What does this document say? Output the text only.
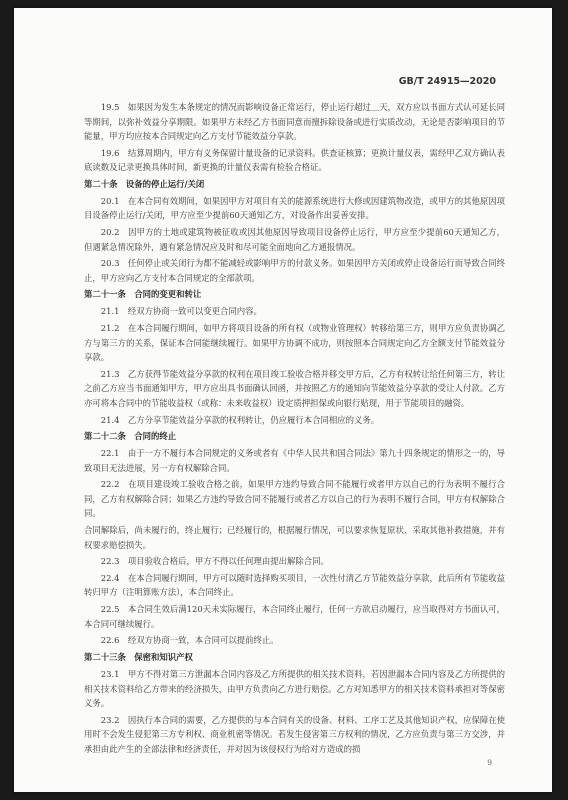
GB/T 24915—2020

19.5　如果因为发生本条规定的情况而影响设备正常运行，停止运行超过＿天，双方应以书面方式认可延长同等期间，以弥补效益分享期限。如果甲方未经乙方书面同意而擅拆除设备或进行实质改动，无论是否影响项目的节能量，甲方均应按本合同规定向乙方支付节能效益分享款。

19.6　结算周期内，甲方有义务保留计量设备的记录资料。供查证核算；更换计量仪表，需经甲乙双方确认表底读数及记录更换具体时间，新更换的计量仪表需有检验合格证。

第二十条　设备的停止运行/关闭

20.1　在本合同有效期间，如果因甲方对项目有关的能源系统进行大修或因建筑物改造，或甲方的其他原因项目设备停止运行/关闭，甲方应至少提前60天通知乙方，对设备作出妥善安排。

20.2　因甲方的土地或建筑物被征收或因其他原因导致项目设备停止运行，甲方应至少提前60天通知乙方，但遇紧急情况除外，遇有紧急情况应及时和尽可能全面地向乙方通报情况。

20.3　任何停止或关闭行为都不能减轻或影响甲方的付款义务。如果因甲方关闭或停止设备运行而导致合同终止，甲方应向乙方支付本合同规定的全部款项。

第二十一条　合同的变更和转让

21.1　经双方协商一致可以变更合同内容。

21.2　在本合同履行期间，如甲方将项目设备的所有权（或物业管理权）转移给第三方，则甲方应负责协调乙方与第三方的关系，保证本合同能继续履行。如果甲方协调不成功，则按照本合同规定向乙方全额支付节能效益分享款。

21.3　乙方获得节能效益分享款的权利在项目竣工验收合格并移交甲方后，乙方有权转让给任何第三方，转让之前乙方应当书面通知甲方，甲方应出具书面确认回函，并按照乙方的通知向节能效益分享款的受让人付款。乙方亦可将本合同中的节能收益权（或称：未来收益权）设定质押担保或向银行贴现，用于节能项目的融资。

21.4　乙方分享节能效益分享款的权利转让，仍应履行本合同相应的义务。

第二十二条　合同的终止

22.1　由于一方不履行本合同规定的义务或者有《中华人民共和国合同法》第九十四条规定的情形之一的，导致项目无法进展，另一方有权解除合同。

22.2　在项目建设竣工验收合格之前，如果甲方违约导致合同不能履行或者甲方以自己的行为表明不履行合同，乙方有权解除合同；如果乙方违约导致合同不能履行或者乙方以自己的行为表明不履行合同，甲方有权解除合同。

合同解除后，尚未履行的，终止履行；已经履行的，根据履行情况，可以要求恢复原状、采取其他补救措施，并有权要求赔偿损失。

22.3　项目验收合格后，甲方不得以任何理由提出解除合同。

22.4　在本合同履行期间，甲方可以随时选择购买项目，一次性付清乙方节能效益分享款，此后所有节能收益转归甲方（注明算账方法），本合同终止。

22.5　本合同生效后满120天未实际履行，本合同终止履行，任何一方欲启动履行，应当取得对方书面认可，本合同可继续履行。

22.6　经双方协商一致，本合同可以提前终止。

第二十三条　保密和知识产权

23.1　甲方不得对第三方泄漏本合同内容及乙方所提供的相关技术资料，若因泄漏本合同内容及乙方所提供的相关技术资料给乙方带来的经济损失，由甲方负责向乙方进行赔偿。乙方对知悉甲方的相关技术资料承担对等保密义务。

23.2　因执行本合同的需要，乙方提供的与本合同有关的设备、材料、工序工艺及其他知识产权，应保障在使用时不会发生侵犯第三方专利权、商业机密等情况。若发生侵害第三方权利的情况，乙方应负责与第三方交涉，并承担由此产生的全部法律和经济责任，并对因为该侵权行为给对方造成的损

9
